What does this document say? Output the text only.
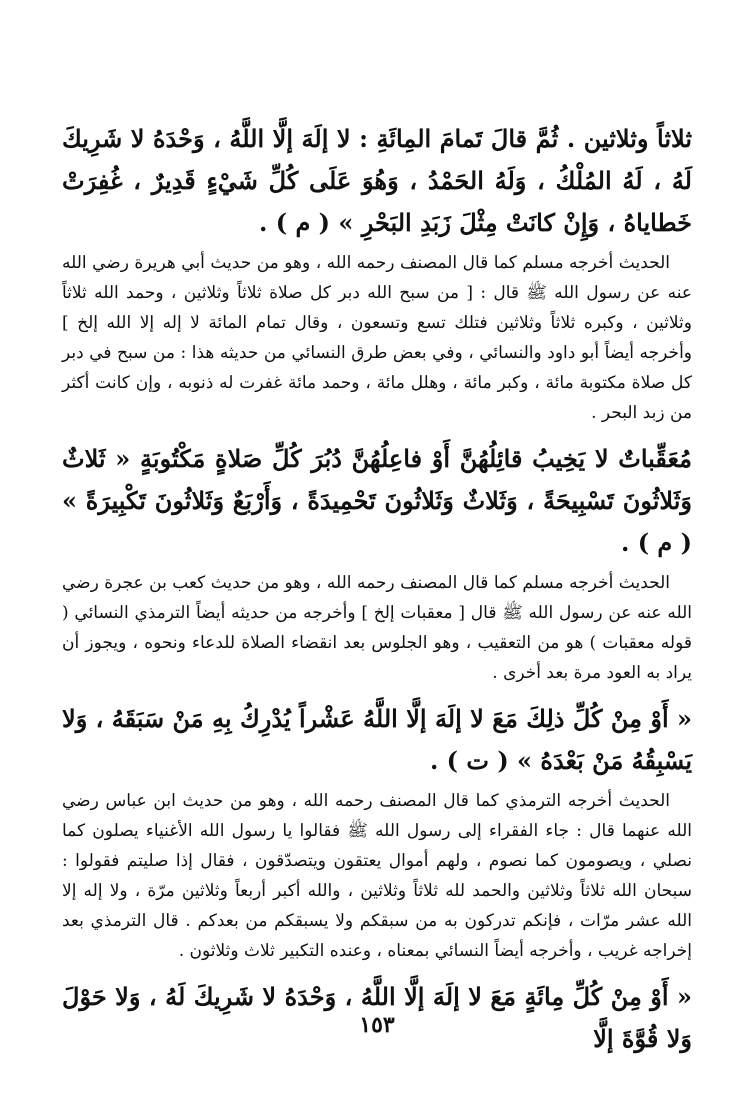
ثلاثاً وثلاثين . ثُمَّ قالَ تَمامَ المِائَةِ : لا إلَهَ إلَّا اللَّهُ ، وَحْدَهُ لا شَرِيكَ لَهُ ، لَهُ المُلْكُ ، وَلَهُ الحَمْدُ ، وَهُوَ عَلَى كُلِّ شَيْءٍ قَدِيرٌ ، غُفِرَتْ خَطاياهُ ، وَإِنْ كانَتْ مِثْلَ زَبَدِ البَحْرِ » ( م ) .

الحديث أخرجه مسلم كما قال المصنف رحمه الله ، وهو من حديث أبي هريرة رضي الله عنه عن رسول الله ﷺ قال : [ من سبح الله دبر كل صلاة ثلاثاً وثلاثين ، وحمد الله ثلاثاً وثلاثين ، وكبره ثلاثاً وثلاثين فتلك تسع وتسعون ، وقال تمام المائة لا إله إلا الله إلخ ] وأخرجه أيضاً أبو داود والنسائي ، وفي بعض طرق النسائي من حديثه هذا : من سبح في دبر كل صلاة مكتوبة مائة ، وكبر مائة ، وهلل مائة ، وحمد مائة غفرت له ذنوبه ، وإن كانت أكثر من زبد البحر .

مُعَقِّباتٌ لا يَخِيبُ قائِلُهُنَّ أَوْ فاعِلُهُنَّ دُبُرَ كُلِّ صَلاةٍ مَكْتُوبَةٍ « ثَلاثٌ وَثَلاثُونَ تَسْبِيحَةً ، وَثَلاثٌ وَثَلاثُونَ تَحْمِيدَةً ، وَأَرْبَعٌ وَثَلاثُونَ تَكْبِيرَةً » ( م ) .

الحديث أخرجه مسلم كما قال المصنف رحمه الله ، وهو من حديث كعب بن عجرة رضي الله عنه عن رسول الله ﷺ قال [ معقبات إلخ ] وأخرجه من حديثه أيضاً الترمذي النسائي ( قوله معقبات ) هو من التعقيب ، وهو الجلوس بعد انقضاء الصلاة للدعاء ونحوه ، ويجوز أن يراد به العود مرة بعد أخرى .

« أَوْ مِنْ كُلِّ ذلِكَ مَعَ لا إلَهَ إلَّا اللَّهُ عَشْراً يُدْرِكُ بِهِ مَنْ سَبَقَهُ ، وَلا يَسْبِقُهُ مَنْ بَعْدَهُ » ( ت ) .

الحديث أخرجه الترمذي كما قال المصنف رحمه الله ، وهو من حديث ابن عباس رضي الله عنهما قال : جاء الفقراء إلى رسول الله ﷺ فقالوا يا رسول الله الأغنياء يصلون كما نصلي ، ويصومون كما نصوم ، ولهم أموال يعتقون ويتصدّقون ، فقال إذا صليتم فقولوا : سبحان الله ثلاثاً وثلاثين والحمد لله ثلاثاً وثلاثين ، والله أكبر أربعاً وثلاثين مرّة ، ولا إله إلا الله عشر مرّات ، فإنكم تدركون به من سبقكم ولا يسبقكم من بعدكم . قال الترمذي بعد إخراجه غريب ، وأخرجه أيضاً النسائي بمعناه ، وعنده التكبير ثلاث وثلاثون .

« أَوْ مِنْ كُلِّ مِائَةٍ مَعَ لا إلَهَ إلَّا اللَّهُ ، وَحْدَهُ لا شَرِيكَ لَهُ ، وَلا حَوْلَ وَلا قُوَّةَ إلَّا

١٥٣
